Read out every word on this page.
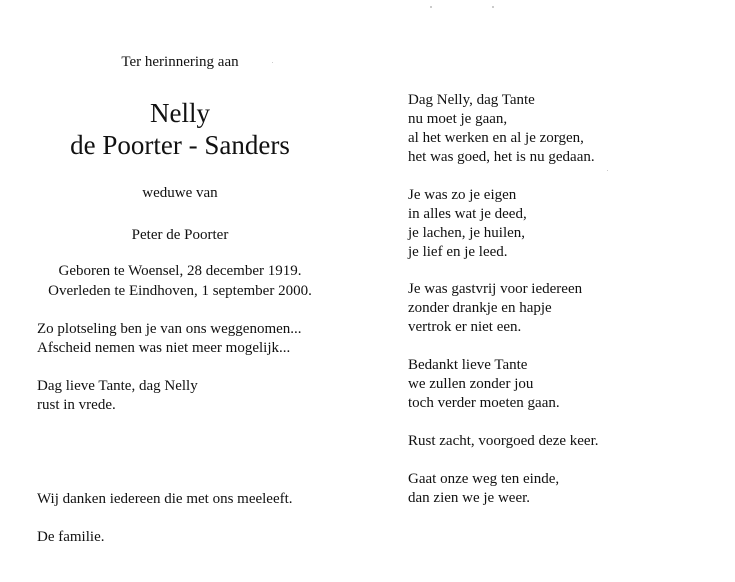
Ter herinnering aan
Nelly
de Poorter - Sanders
weduwe van
Peter de Poorter
Geboren te Woensel, 28 december 1919.
Overleden te Eindhoven, 1 september 2000.
Zo plotseling ben je van ons weggenomen...
Afscheid nemen was niet meer mogelijk...
Dag lieve Tante, dag Nelly
rust in vrede.
Wij danken iedereen die met ons meeleeft.
De familie.
Dag Nelly, dag Tante
nu moet je gaan,
al het werken en al je zorgen,
het was goed, het is nu gedaan.
Je was zo je eigen
in alles wat je deed,
je lachen, je huilen,
je lief en je leed.
Je was gastvrij voor iedereen
zonder drankje en hapje
vertrok er niet een.
Bedankt lieve Tante
we zullen zonder jou
toch verder moeten gaan.
Rust zacht, voorgoed deze keer.
Gaat onze weg ten einde,
dan zien we je weer.
